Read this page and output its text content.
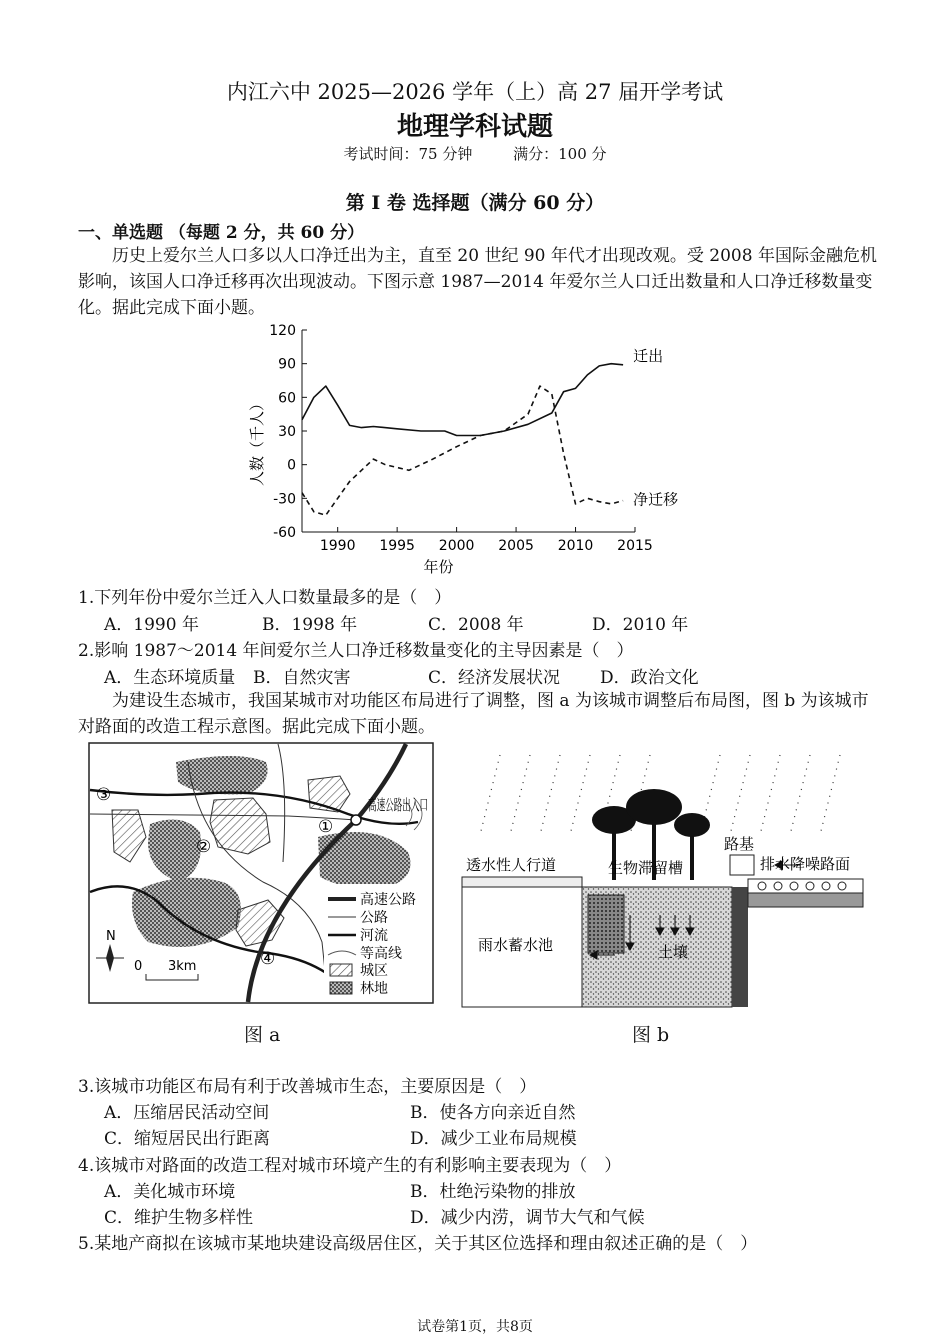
内江六中 2025—2026 学年（上）高 27 届开学考试
地理学科试题
考试时间：75 分钟	满分：100 分
第 I 卷 选择题（满分 60 分）
一、单选题 （每题 2 分，共 60 分）
历史上爱尔兰人口多以人口净迁出为主，直至 20 世纪 90 年代才出现改观。受 2008 年国际金融危机影响，该国人口净迁移再次出现波动。下图示意 1987—2014 年爱尔兰人口迁出数量和人口净迁移数量变化。据此完成下面小题。
120
90
60
30
0
-30
-60
1990 1995 2000 2005 2010 2015
年份
人数（千人）
迁出
净迁移
1.下列年份中爱尔兰迁入人口数量最多的是（　）
A．1990 年	B．1998 年	C．2008 年	D．2010 年
2.影响 1987～2014 年间爱尔兰人口净迁移数量变化的主导因素是（　）
A．生态环境质量 B．自然灾害	C．经济发展状况 D．政治文化
为建设生态城市，我国某城市对功能区布局进行了调整，图 a 为该城市调整后布局图，图 b 为该城市对路面的改造工程示意图。据此完成下面小题。
高速公路出入口
①
②
③
④
N
0 3km
高速公路
公路
河流
等高线
城区
林地
图 a
透水性人行道	生物滞留槽
路基
排水降噪路面
雨水蓄水池	土壤
图 b
3.该城市功能区布局有利于改善城市生态，主要原因是（　）
A．压缩居民活动空间	B．使各方向亲近自然
C．缩短居民出行距离	D．减少工业布局规模
4.该城市对路面的改造工程对城市环境产生的有利影响主要表现为（　）
A．美化城市环境	B．杜绝污染物的排放
C．维护生物多样性	D．减少内涝，调节大气和气候
5.某地产商拟在该城市某地块建设高级居住区，关于其区位选择和理由叙述正确的是（　）
试卷第1页，共8页
